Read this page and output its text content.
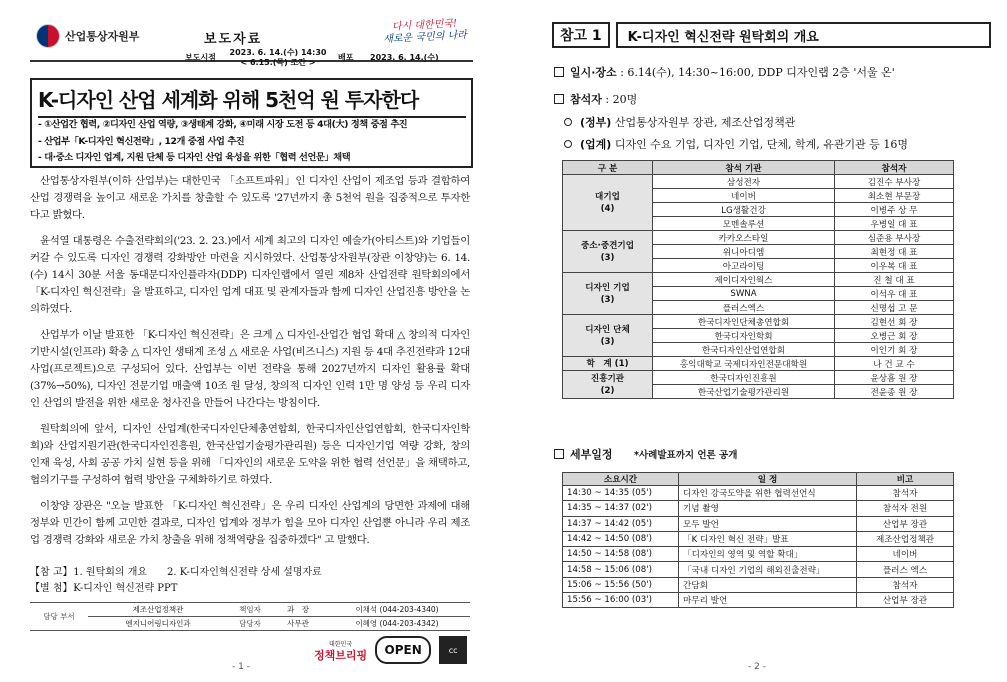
산업통상자원부	보도자료
다시 대한민국!
새로운 국민의 나라
보도시점
2023. 6. 14.(수) 14:30
< 6.15.(목) 조간 >
배포 2023. 6. 14.(수)
K-디자인 산업 세계화 위해 5천억 원 투자한다
- ①산업간 협력, ②디자인 산업 역량, ③생태계 강화, ④미래 시장 도전 등 4대(大) 정책 중점 추진
- 산업부「K-디자인 혁신전략」, 12개 중점 사업 추진
- 대·중소 디자인 업계, 지원 단체 등 디자인 산업 육성을 위한「협력 선언문」채택

산업통상자원부(이하 산업부)는 대한민국 「소프트파워」인 디자인 산업이 제조업 등과 결합하여 산업 경쟁력을 높이고 새로운 가치를 창출할 수 있도록 '27년까지 총 5천억 원을 집중적으로 투자한다고 밝혔다.

윤석열 대통령은 수출전략회의('23. 2. 23.)에서 세계 최고의 디자인 예술가(아티스트)와 기업들이 커갈 수 있도록 디자인 경쟁력 강화방안 마련을 지시하였다. 산업통상자원부(장관 이창양)는 6. 14.(수) 14시 30분 서울 동대문디자인플라자(DDP) 디자인랩에서 열린 제8차 산업전략 원탁회의에서 「K-디자인 혁신전략」을 발표하고, 디자인 업계 대표 및 관계자들과 함께 디자인 산업진흥 방안을 논의하였다.

산업부가 이날 발표한 「K-디자인 혁신전략」은 크게 △ 디자인-산업간 협업 확대 △ 창의적 디자인 기반시설(인프라) 확충 △ 디자인 생태계 조성 △ 새로운 사업(비즈니스) 지원 등 4대 추진전략과 12대 사업(프로젝트)으로 구성되어 있다. 산업부는 이번 전략을 통해 2027년까지 디자인 활용률 확대(37%→50%), 디자인 전문기업 매출액 10조 원 달성, 창의적 디자인 인력 1만 명 양성 등 우리 디자인 산업의 발전을 위한 새로운 청사진을 만들어 나간다는 방침이다.

원탁회의에 앞서, 디자인 산업계(한국디자인단체총연합회, 한국디자인산업연합회, 한국디자인학회)와 산업지원기관(한국디자인진흥원, 한국산업기술평가관리원) 등은 디자인기업 역량 강화, 창의 인재 육성, 사회 공공 가치 실현 등을 위해 「디자인의 새로운 도약을 위한 협력 선언문」을 채택하고, 협의기구를 구성하여 협력 방안을 구체화하기로 하였다.

이창양 장관은 "오늘 발표한 「K-디자인 혁신전략」은 우리 디자인 산업계의 당면한 과제에 대해 정부와 민간이 함께 고민한 결과로, 디자인 업계와 정부가 힘을 모아 디자인 산업뿐 아니라 우리 제조업 경쟁력 강화와 새로운 가치 창출을 위해 정책역량을 집중하겠다" 고 말했다.

【참 고】 1. 원탁회의 개요　　2. K-디자인혁신전략 상세 설명자료
【별 첨】 K-디자인 혁신전략 PPT
담당 부서	제조산업정책관	책임자	과　장	이채석 (044-203-4340)
	엔지니어링디자인과	담당자	사무관	이혜영 (044-203-4342)
대한민국
정책브리핑	OPEN	cc
- 1 -
참고 1	K-디자인 혁신전략 원탁회의 개요
일시·장소 : 6.14(수), 14:30~16:00, DDP 디자인랩 2층 '서울 온'
참석자 : 20명
(정부) 산업통상자원부 장관, 제조산업정책관
(업계) 디자인 수요 기업, 디자인 기업, 단체, 학계, 유관기관 등 16명
구 분	참석 기관	참석자

대기업
(4)	삼성전자	김진수 부사장
	네이버	최소현 부문장
	LG생활건강	이병주 상 무
	모멘솔루션	우병일 대 표

중소·중견기업
(3)	카카오스타일	심준용 부사장
	위니아디엠	최현정 대 표
	아고라이팅	이우복 대 표

디자인 기업
(3)	제이디자인웍스	진 철 대 표
	SWNA	이석우 대 표
	플러스엑스	신명섭 고 문

디자인 단체
(3)	한국디자인단체총연합회	김현선 회 장
	한국디자인학회	오병근 회 장
	한국디자인산업연합회	이인기 회 장
학　계 (1)	홍익대학교 국제디자인전문대학원	나 건 교 수

진흥기관
(2)	한국디자인진흥원	윤상흠 원 장
	한국산업기술평가관리원	전윤종 원 장
세부일정 *사례발표까지 언론 공개
소요시간	일 정	비고
14:30 ~ 14:35 (05')	디자인 강국도약을 위한 협력선언식	참석자
14:35 ~ 14:37 (02')	기념 촬영	참석자 전원
14:37 ~ 14:42 (05')	모두 발언	산업부 장관
14:42 ~ 14:50 (08')	「K 디자인 혁신 전략」발표	제조산업정책관
14:50 ~ 14:58 (08')	「디자인의 영역 및 역할 확대」	네이버
14:58 ~ 15:06 (08')	「국내 디자인 기업의 해외진출전략」	플러스 엑스
15:06 ~ 15:56 (50')	간담회	참석자
15:56 ~ 16:00 (03')	마무리 발언	산업부 장관
- 2 -
